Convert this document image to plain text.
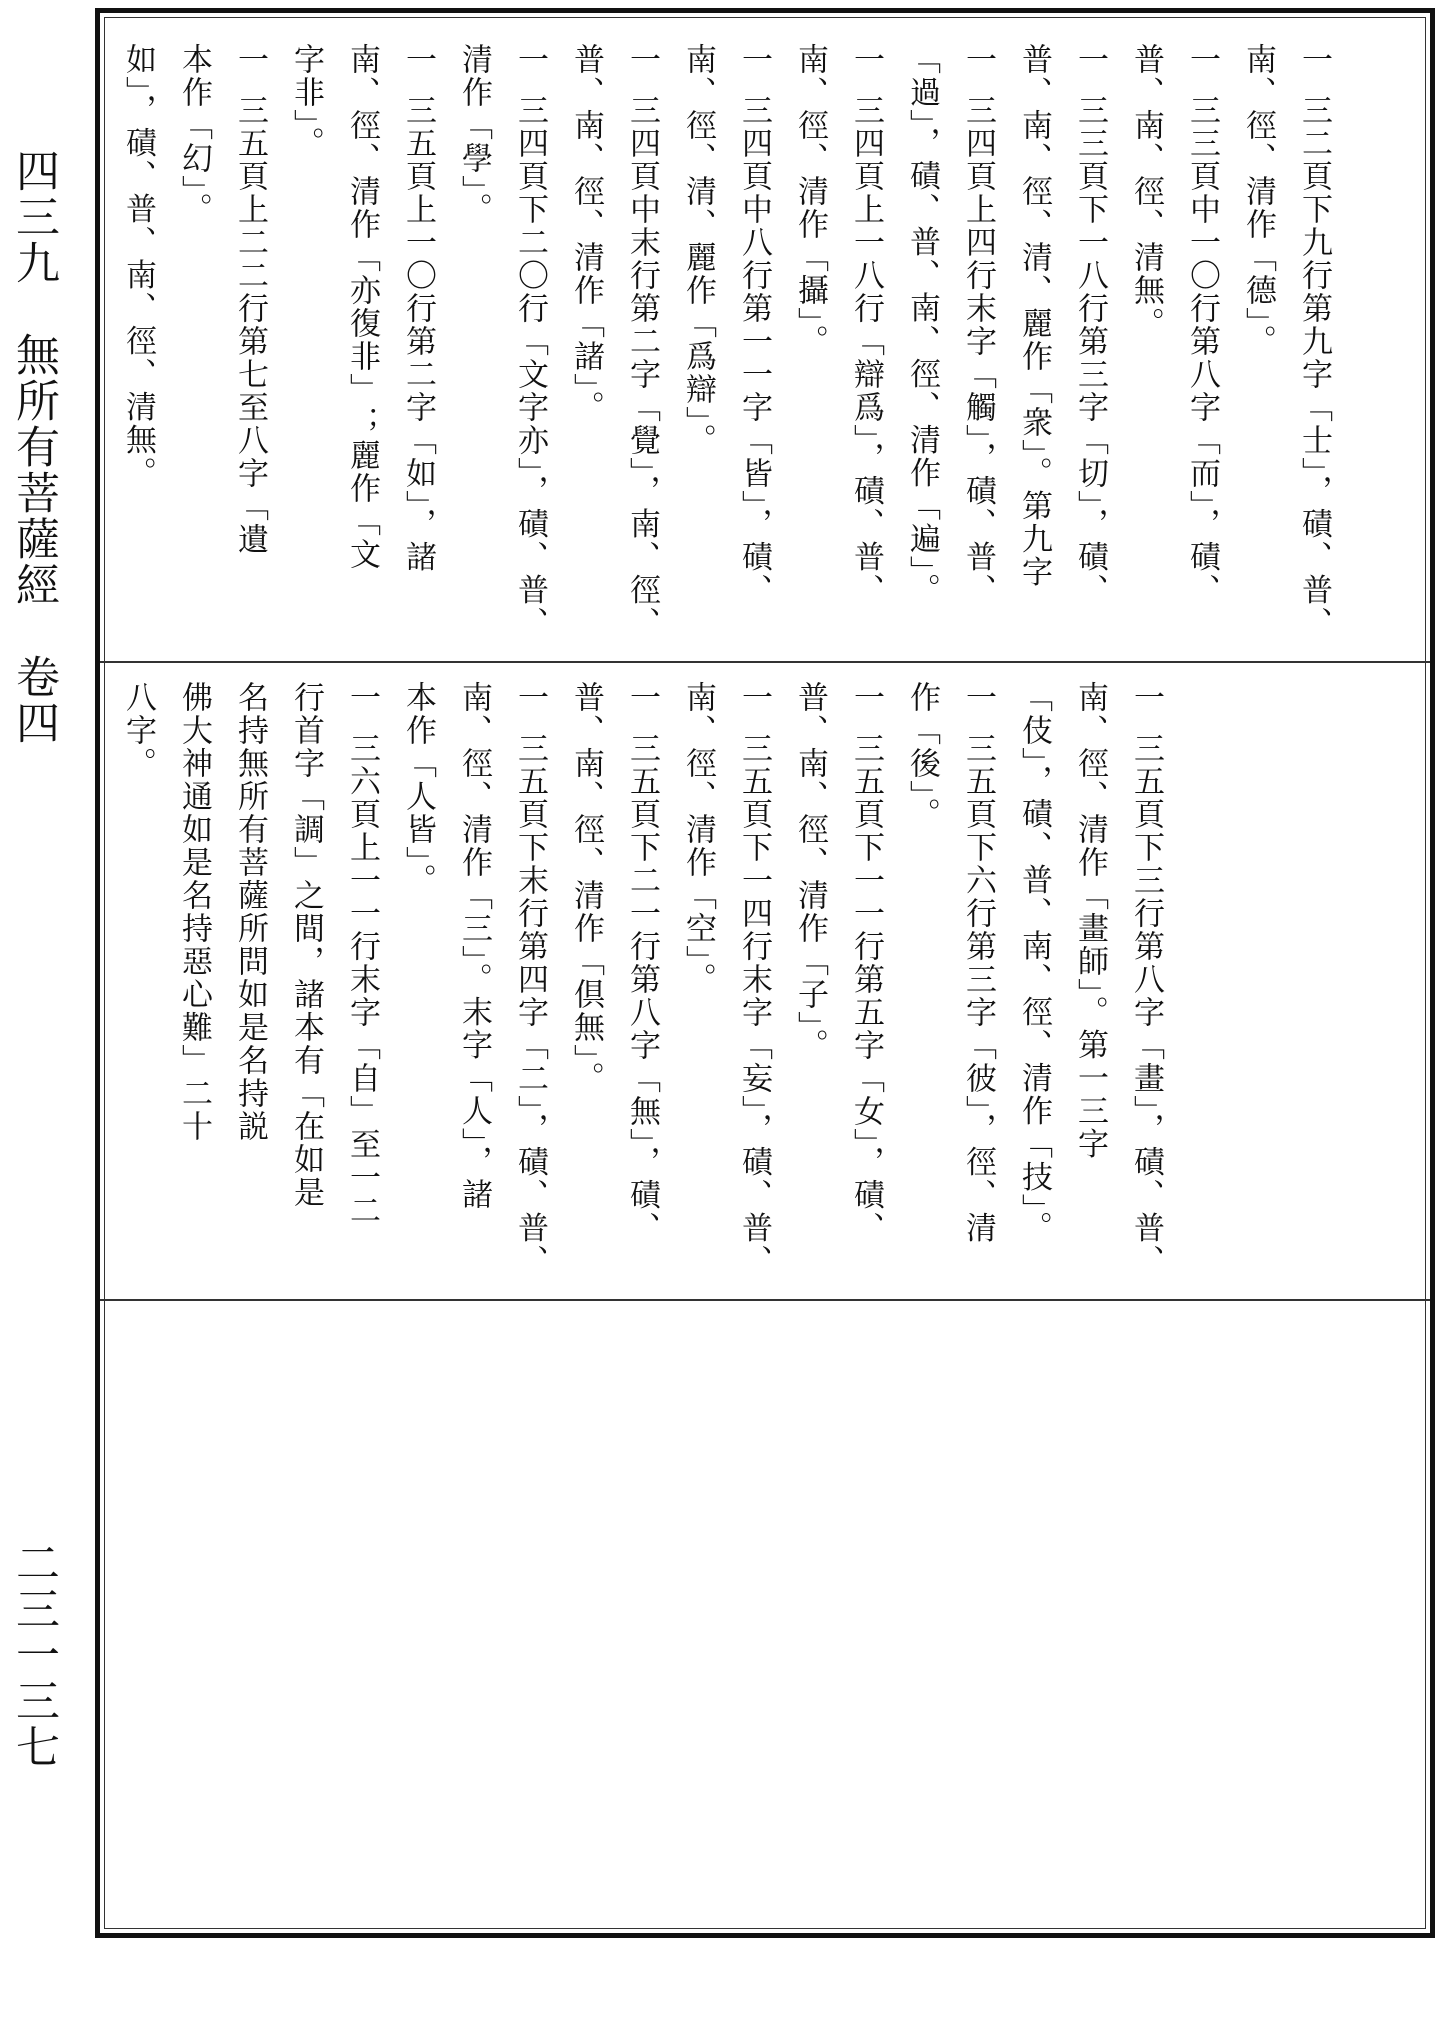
四三九　無所有菩薩經　卷四
二三一三七
一三二頁下九行第九字「士」，磧、普、
南、徑、清作「德」。
一三三頁中一〇行第八字「而」，磧、
普、南、徑、清無。
一三三頁下一八行第三字「切」，磧、
普、南、徑、清、麗作「衆」。第九字
一三四頁上四行末字「觸」，磧、普、
「過」，磧、普、南、徑、清作「遍」。
一三四頁上一八行「辯爲」，磧、普、
南、徑、清作「攝」。
一三四頁中八行第一一字「皆」，磧、
南、徑、清、麗作「爲辯」。
一三四頁中末行第二字「覺」，南、徑、
普、南、徑、清作「諸」。
一三四頁下二〇行「文字亦」，磧、普、
清作「學」。
一三五頁上一〇行第二字「如」，諸
南、徑、清作「亦復非」；麗作「文
字非」。
一三五頁上二二行第七至八字「遺
本作「幻」。
如」，磧、普、南、徑、清無。
一三五頁下三行第八字「畫」，磧、普、
南、徑、清作「畫師」。第一三字
「伎」，磧、普、南、徑、清作「技」。
一三五頁下六行第三字「彼」，徑、清
作「後」。
一三五頁下一一行第五字「女」，磧、
普、南、徑、清作「子」。
一三五頁下一四行末字「妄」，磧、普、
南、徑、清作「空」。
一三五頁下二一行第八字「無」，磧、
普、南、徑、清作「倶無」。
一三五頁下末行第四字「二」，磧、普、
南、徑、清作「三」。末字「人」，諸
本作「人皆」。
一三六頁上一一行末字「自」至一二
行首字「調」之間，諸本有「在如是
名持無所有菩薩所問如是名持説
佛大神通如是名持惡心難」二十
八字。
